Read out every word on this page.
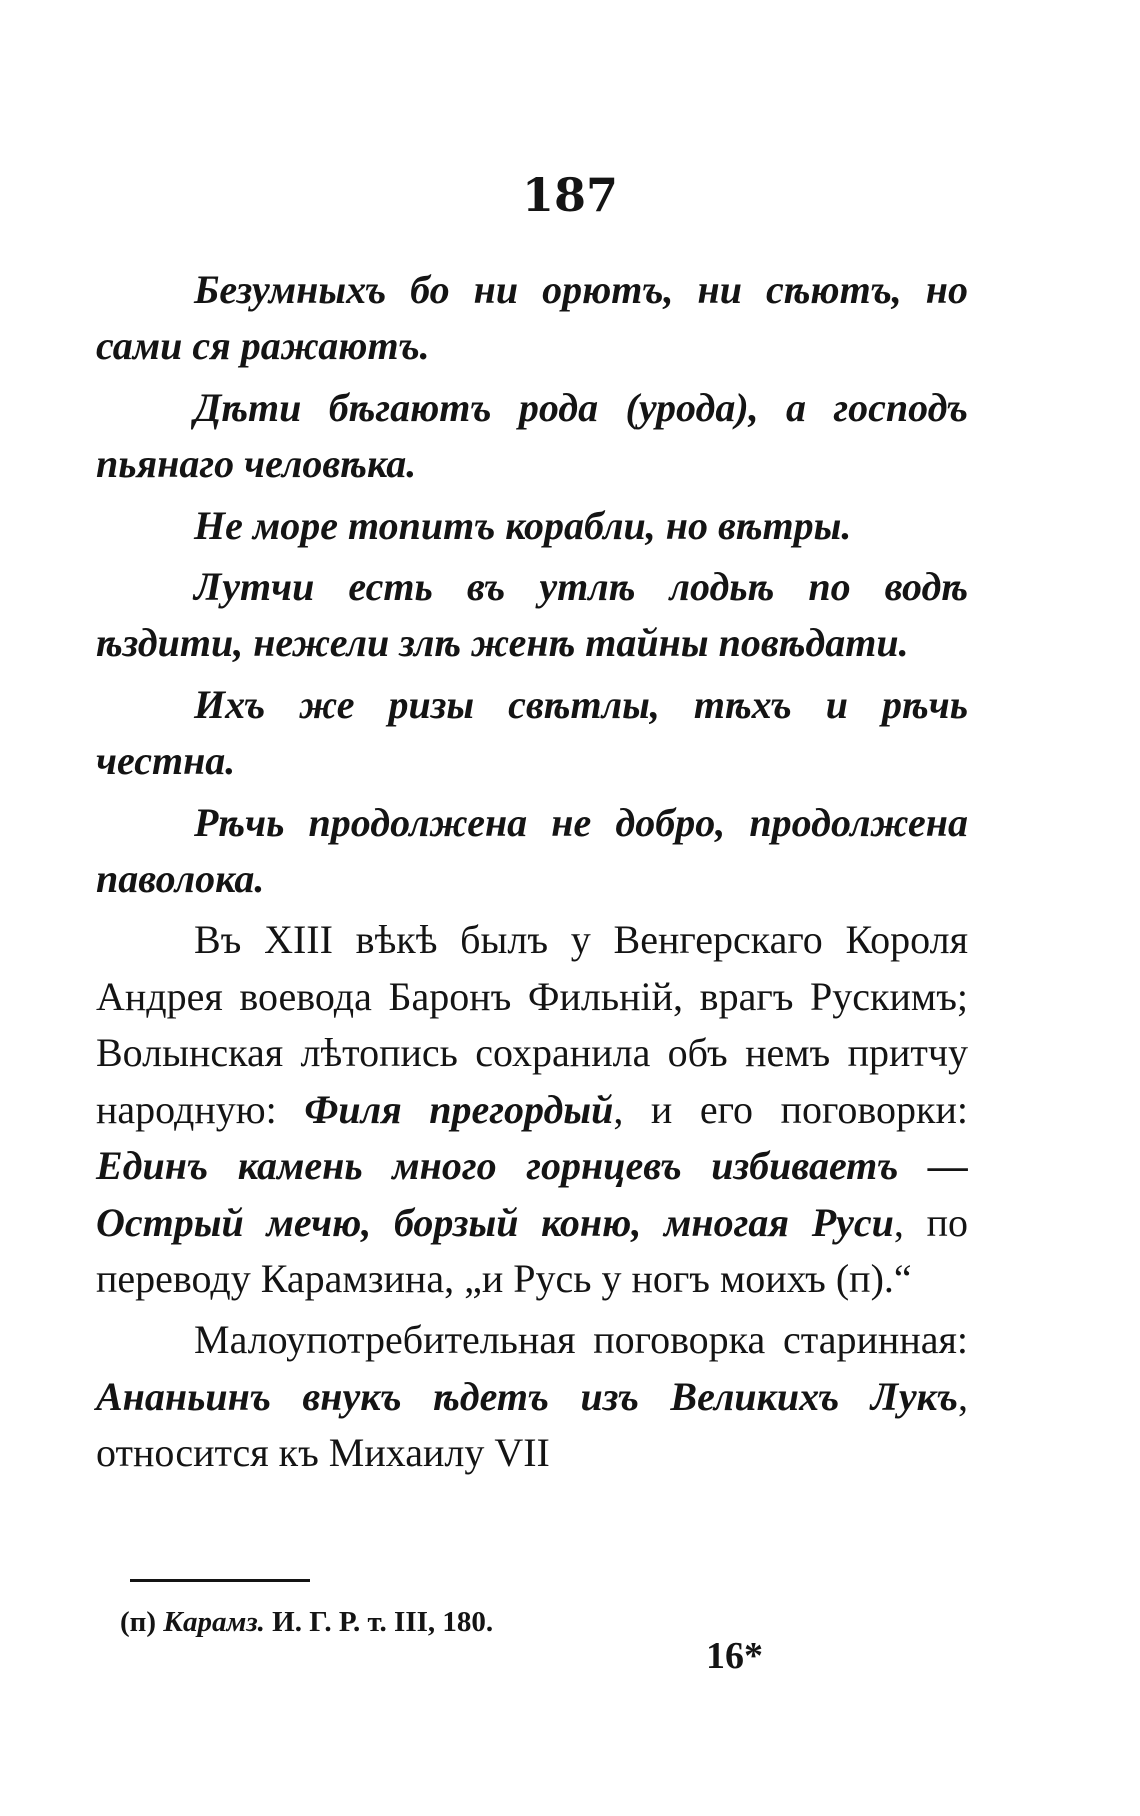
187

Безумныхъ бо ни орютъ, ни сѣютъ, но сами ся ражаютъ.

Дѣти бѣгаютъ рода (урода), а господъ пьянаго человѣка.

Не море топитъ корабли, но вѣтры.

Лутчи есть въ утлѣ лодьѣ по водѣ ѣздити, нежели злѣ женѣ тайны повѣдати.

Ихъ же ризы свѣтлы, тѣхъ и рѣчь честна.

Рѣчь продолжена не добро, продолжена паволока.

Въ XIII вѣкѣ былъ у Венгерскаго Короля Андрея воевода Баронъ Фильній, врагъ Рускимъ; Волынская лѣтопись сохранила объ немъ притчу народную: Филя прегордый, и его поговорки: Единъ камень много горнцевъ избиваетъ — Острый мечю, борзый коню, многая Руси, по переводу Карамзина, „и Русь у ногъ моихъ (п).“

Малоупотребительная поговорка старинная: Ананьинъ внукъ ѣдетъ изъ Великихъ Лукъ, относится къ Михаилу VII

(п) Карамз. И. Г. Р. т. III, 180.
16*
